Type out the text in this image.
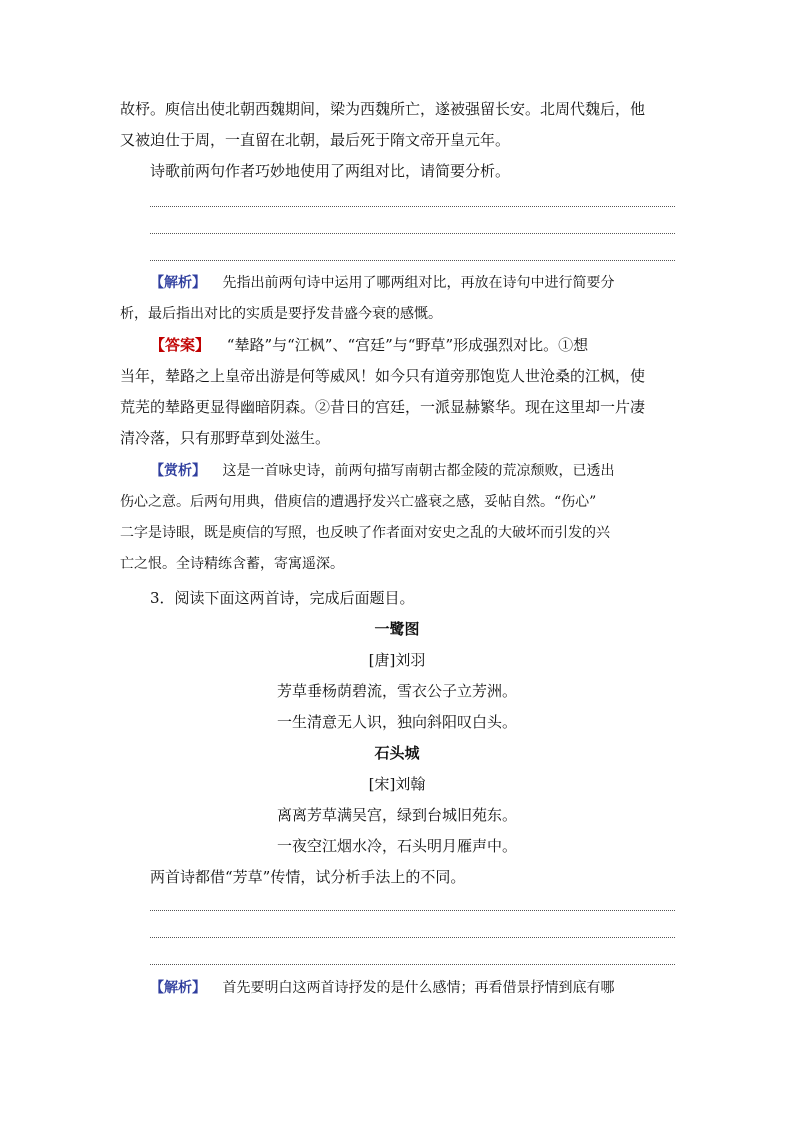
故杼。庾信出使北朝西魏期间，梁为西魏所亡，遂被强留长安。北周代魏后，他
又被迫仕于周，一直留在北朝，最后死于隋文帝开皇元年。
诗歌前两句作者巧妙地使用了两组对比，请简要分析。
【解析】 先指出前两句诗中运用了哪两组对比，再放在诗句中进行简要分
析，最后指出对比的实质是要抒发昔盛今衰的感慨。
【答案】 “辇路”与“江枫”、“宫廷”与“野草”形成强烈对比。①想
当年，辇路之上皇帝出游是何等威风！如今只有道旁那饱览人世沧桑的江枫，使
荒芜的辇路更显得幽暗阴森。②昔日的宫廷，一派显赫繁华。现在这里却一片凄
清冷落，只有那野草到处滋生。
【赏析】 这是一首咏史诗，前两句描写南朝古都金陵的荒凉颓败，已透出
伤心之意。后两句用典，借庾信的遭遇抒发兴亡盛衰之感，妥帖自然。“伤心”
二字是诗眼，既是庾信的写照，也反映了作者面对安史之乱的大破坏而引发的兴
亡之恨。全诗精练含蓄，寄寓遥深。
3．阅读下面这两首诗，完成后面题目。
一鹭图
[唐]刘羽
芳草垂杨荫碧流，雪衣公子立芳洲。
一生清意无人识，独向斜阳叹白头。
石头城
[宋]刘翰
离离芳草满吴宫，绿到台城旧苑东。
一夜空江烟水冷，石头明月雁声中。
两首诗都借“芳草”传情，试分析手法上的不同。
【解析】 首先要明白这两首诗抒发的是什么感情；再看借景抒情到底有哪
